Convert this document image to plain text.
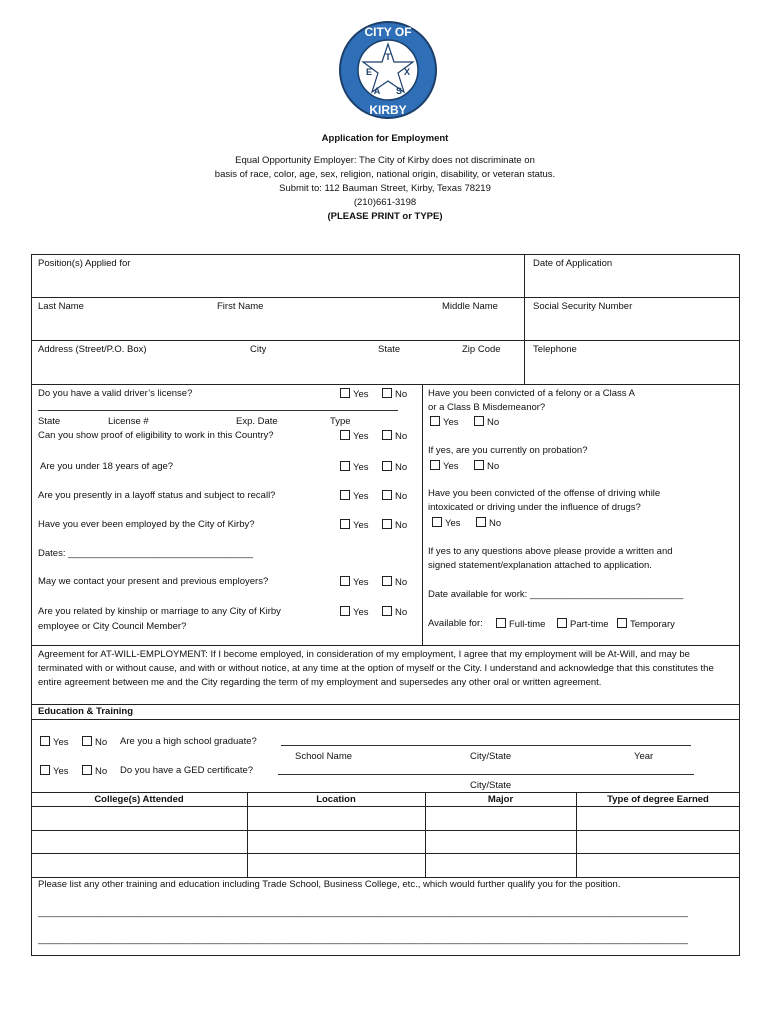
CITY OF
KIRBY
T
E	X
A S
Application for Employment
Equal Opportunity Employer: The City of Kirby does not discriminate on
basis of race, color, age, sex, religion, national origin, disability, or veteran status.
Submit to: 112 Bauman Street, Kirby, Texas 78219
(210)661-3198
(PLEASE PRINT or TYPE)
Position(s) Applied for	Date of Application
Last Name	First Name	Middle Name	Social Security Number
Address (Street/P.O. Box)	City	State	Zip Code	Telephone
Do you have a valid driver’s license?	Yes	No
State	License #	Exp. Date	Type
Can you show proof of eligibility to work in this Country?	Yes	No
Are you under 18 years of age?	Yes	No
Are you presently in a layoff status and subject to recall?	Yes	No
Have you ever been employed by the City of Kirby?	Yes	No
Dates: ___________________________________
May we contact your present and previous employers?	Yes	No
Are you related by kinship or marriage to any City of Kirby
employee or City Council Member?
Yes	No
Have you been convicted of a felony or a Class A
or a Class B Misdemeanor?
Yes	No
If yes, are you currently on probation?
Yes	No
Have you been convicted of the offense of driving while
intoxicated or driving under the influence of drugs?
Yes	No
If yes to any questions above please provide a written and
signed statement/explanation attached to application.
Date available for work: _____________________________
Available for:	Full-time	Part-time	Temporary
Agreement for AT-WILL-EMPLOYMENT: If I become employed, in consideration of my employment, I agree that my employment will be At-Will, and may be terminated with or without cause, and with or without notice, at any time at the option of myself or the City. I understand and acknowledge that this constitutes the entire agreement between me and the City regarding the term of my employment and supersedes any other oral or written agreement.
Education & Training
Yes	No Are you a high school graduate?
School Name	City/State	Year
Yes	No Do you have a GED certificate?
City/State
College(s) Attended	Location	Major	Type of degree Earned
Please list any other training and education including Trade School, Business College, etc., which would further qualify you for the position.
___________________________________________________________________________________________________________________________
___________________________________________________________________________________________________________________________
